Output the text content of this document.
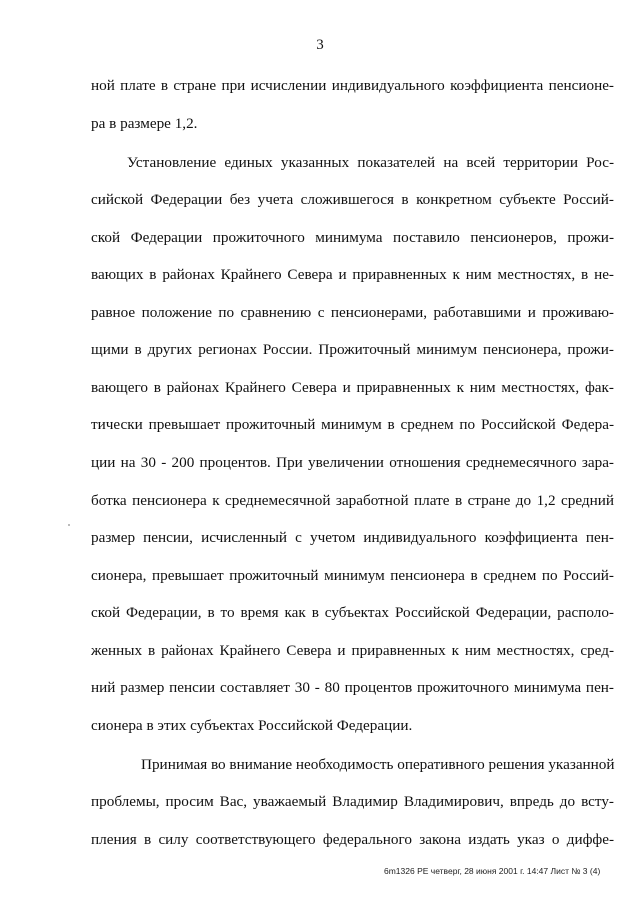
3
ной плате в стране при исчислении индивидуального коэффициента пенсионе-
ра в размере 1,2.
Установление единых указанных показателей на всей территории Рос-
сийской Федерации без учета сложившегося в конкретном субъекте Россий-
ской Федерации прожиточного минимума поставило пенсионеров, прожи-
вающих в районах Крайнего Севера и приравненных к ним местностях, в не-
равное положение по сравнению с пенсионерами, работавшими и проживаю-
щими в других регионах России. Прожиточный минимум пенсионера, прожи-
вающего в районах Крайнего Севера и приравненных к ним местностях, фак-
тически превышает прожиточный минимум в среднем по Российской Федера-
ции на 30 - 200 процентов. При увеличении отношения среднемесячного зара-
ботка пенсионера к среднемесячной заработной плате в стране до 1,2 средний
размер пенсии, исчисленный с учетом индивидуального коэффициента пен-
сионера, превышает прожиточный минимум пенсионера в среднем по Россий-
ской Федерации, в то время как в субъектах Российской Федерации, располо-
женных в районах Крайнего Севера и приравненных к ним местностях, сред-
ний размер пенсии составляет 30 - 80 процентов прожиточного минимума пен-
сионера в этих субъектах Российской Федерации.
Принимая во внимание необходимость оперативного решения указанной
проблемы, просим Вас, уважаемый Владимир Владимирович, впредь до всту-
пления в силу соответствующего федерального закона издать указ о диффе-
6m1326 PE четверг, 28 июня 2001 г. 14:47 Лист № 3 (4)
